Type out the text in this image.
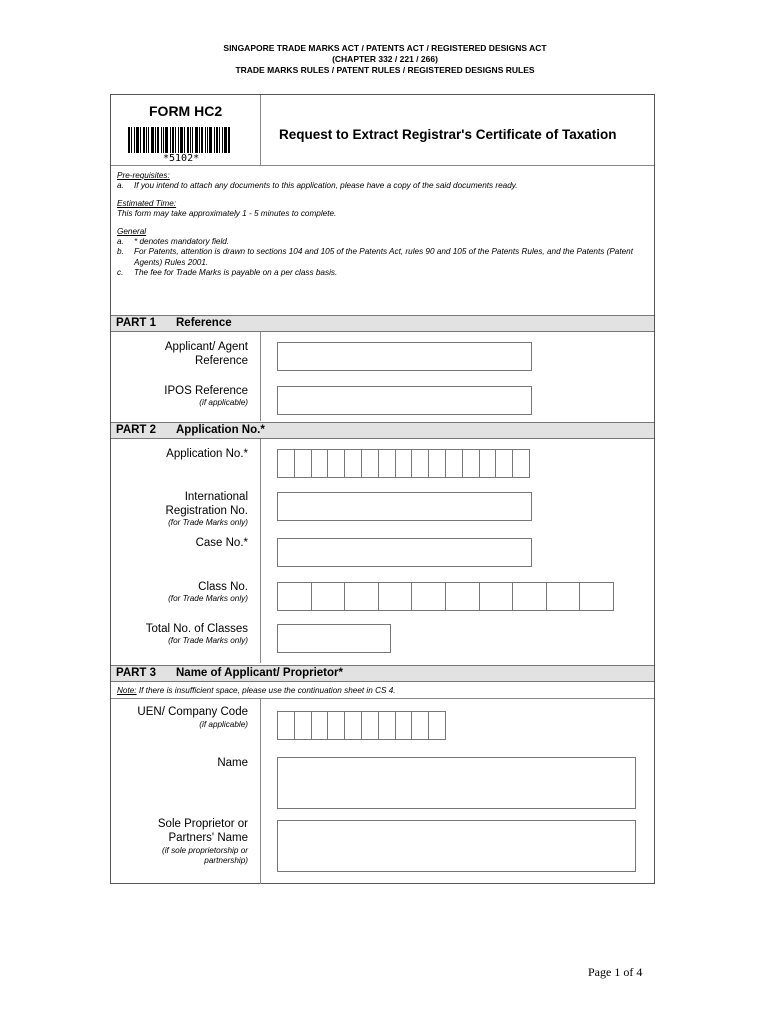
SINGAPORE TRADE MARKS ACT / PATENTS ACT / REGISTERED DESIGNS ACT
(CHAPTER 332 / 221 / 266)
TRADE MARKS RULES / PATENT RULES / REGISTERED DESIGNS RULES
FORM HC2
*5102*
Request to Extract Registrar's Certificate of Taxation
Pre-requisites:
a.	If you intend to attach any documents to this application, please have a copy of the said documents ready.
Estimated Time:
This form may take approximately 1 - 5 minutes to complete.
General
a.	* denotes mandatory field.
b.	For Patents, attention is drawn to sections 104 and 105 of the Patents Act, rules 90 and 105 of the Patents Rules, and the Patents (Patent Agents) Rules 2001.
c.	The fee for Trade Marks is payable on a per class basis.
PART 1 Reference
Applicant/ Agent
Reference
IPOS Reference
(if applicable)
PART 2 Application No.*
Application No.*
International
Registration No.
(for Trade Marks only)
Case No.*
Class No.
(for Trade Marks only)
Total No. of Classes
(for Trade Marks only)
PART 3 Name of Applicant/ Proprietor*
Note: If there is insufficient space, please use the continuation sheet in CS 4.
UEN/ Company Code
(if applicable)
Name
Sole Proprietor or
Partners' Name
(if sole proprietorship or
partnership)
Page 1 of 4
